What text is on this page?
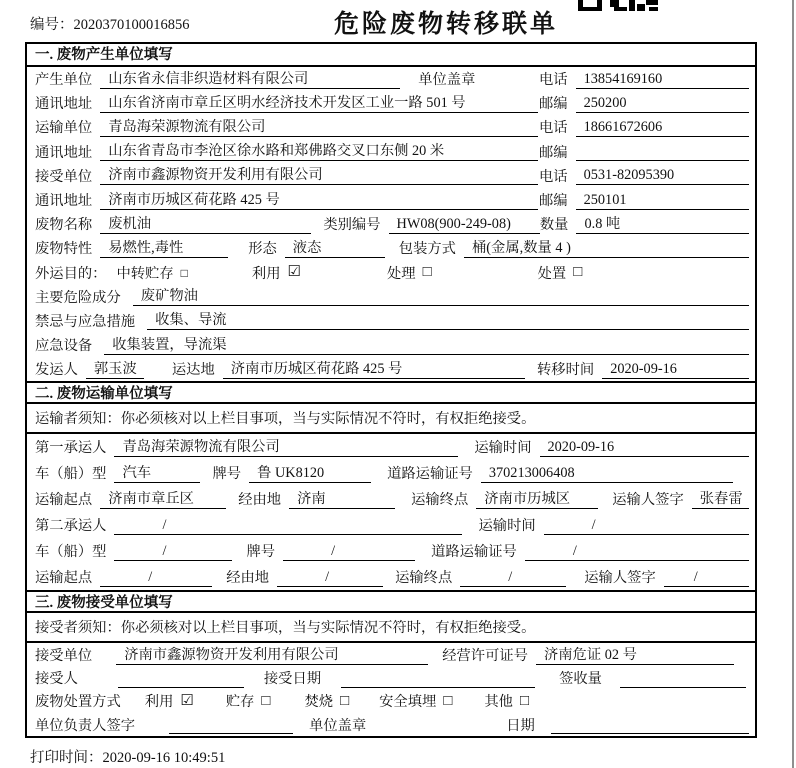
编号：2020370100016856	危险废物转移联单
一. 废物产生单位填写
产生单位	山东省永信非织造材料有限公司	单位盖章	电话	13854169160
通讯地址	山东省济南市章丘区明水经济技术开发区工业一路 501 号	邮编	250200
运输单位	青岛海荣源物流有限公司	电话	18661672606
通讯地址	山东省青岛市李沧区徐水路和郑佛路交叉口东侧 20 米	邮编
接受单位	济南市鑫源物资开发利用有限公司	电话	0531-82095390
通讯地址	济南市历城区荷花路 425 号	邮编	250101
废物名称	废机油	类别编号	HW08(900-249-08)	数量	0.8 吨
废物特性	易燃性,毒性	形态	液态	包装方式	桶(金属,数量 4 )
外运目的： 中转贮存 □	利用 ☑	处理 □	处置 □
主要危险成分	废矿物油
禁忌与应急措施	收集、导流
应急设备	收集装置，导流渠
发运人	郭玉波	运达地	济南市历城区荷花路 425 号	转移时间	2020-09-16
二. 废物运输单位填写
运输者须知：你必须核对以上栏目事项，当与实际情况不符时，有权拒绝接受。
第一承运人	青岛海荣源物流有限公司	运输时间	2020-09-16
车（船）型	汽车	牌号	鲁 UK8120	道路运输证号	370213006408
运输起点	济南市章丘区	经由地	济南	运输终点	济南市历城区	运输人签字	张春雷
第二承运人	/	运输时间	/
车（船）型	/	牌号	/	道路运输证号	/
运输起点	/	经由地	/	运输终点	/	运输人签字	/
三. 废物接受单位填写
接受者须知：你必须核对以上栏目事项，当与实际情况不符时，有权拒绝接受。
接受单位	济南市鑫源物资开发利用有限公司	经营许可证号	济南危证 02 号
接受人	接受日期	签收量
废物处置方式 利用 ☑ 贮存 □ 焚烧 □ 安全填埋 □ 其他 □
单位负责人签字	单位盖章	日期
打印时间：2020-09-16 10:49:51
